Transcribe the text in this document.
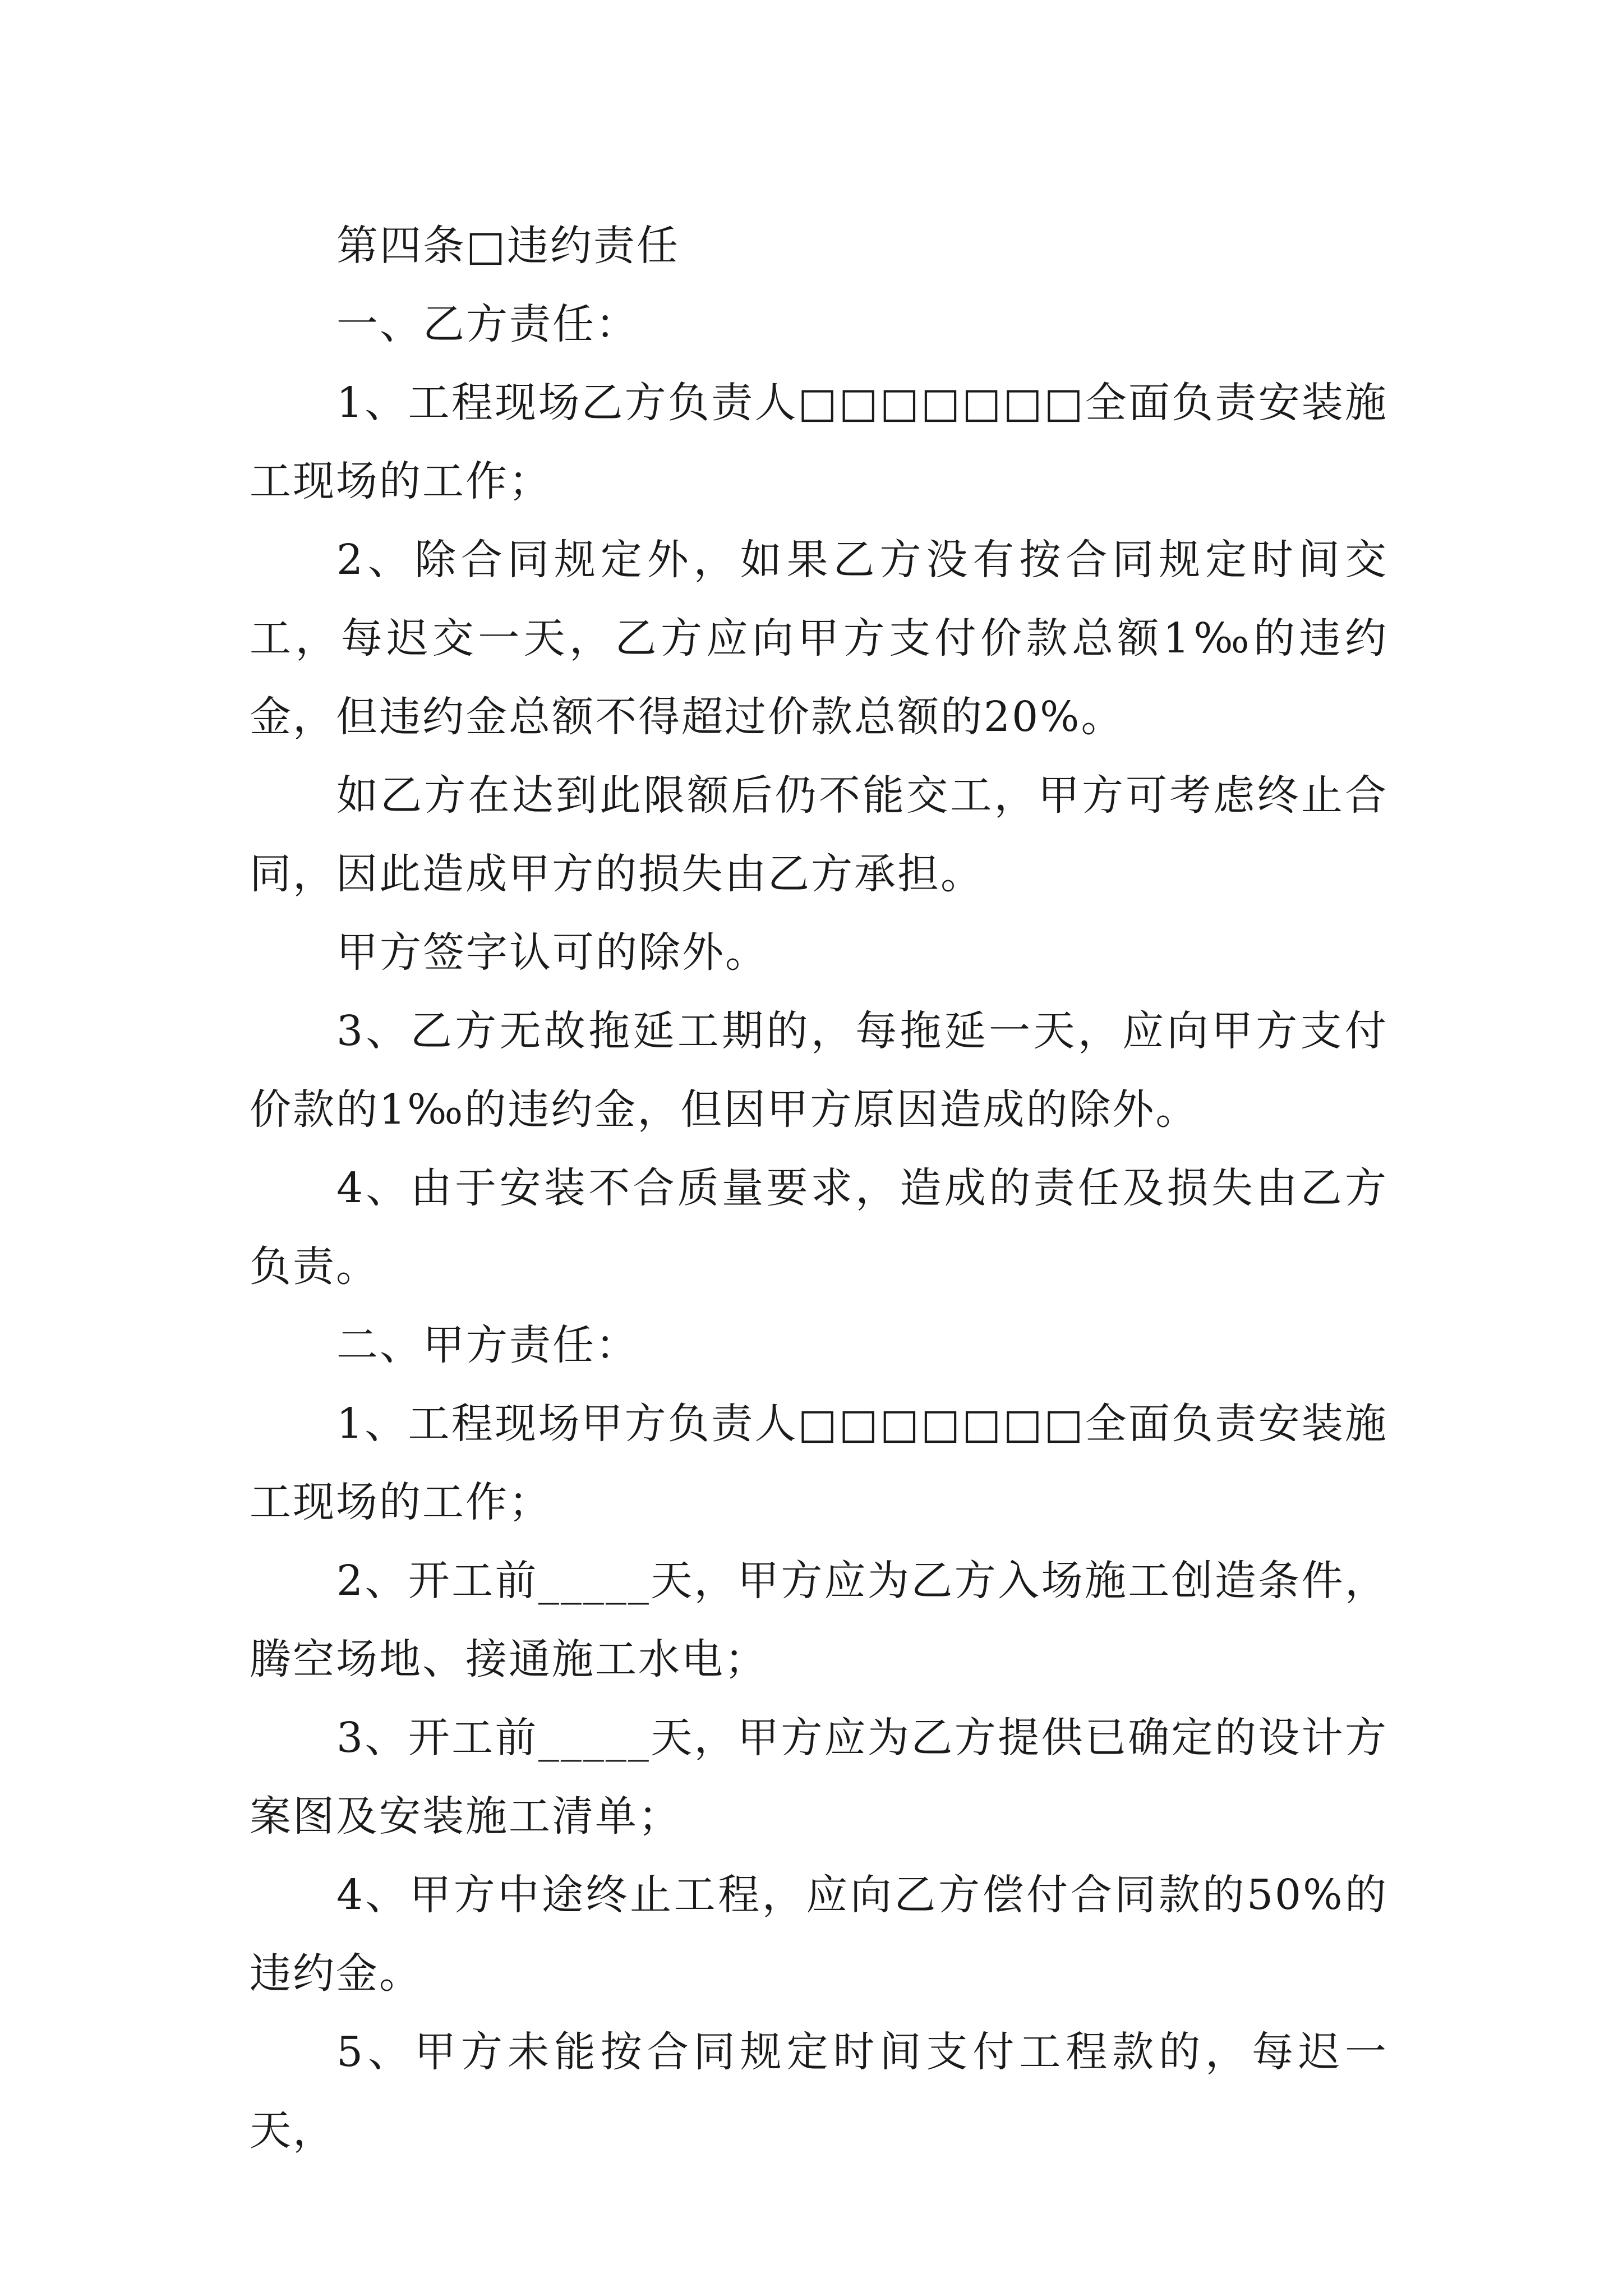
第四条□违约责任

一、乙方责任：

1、工程现场乙方负责人□□□□□□□全面负责安装施工现场的工作；

2、除合同规定外，如果乙方没有按合同规定时间交工，每迟交一天，乙方应向甲方支付价款总额1‰的违约金，但违约金总额不得超过价款总额的20%。

如乙方在达到此限额后仍不能交工，甲方可考虑终止合同，因此造成甲方的损失由乙方承担。

甲方签字认可的除外。

3、乙方无故拖延工期的，每拖延一天，应向甲方支付价款的1‰的违约金，但因甲方原因造成的除外。

4、由于安装不合质量要求，造成的责任及损失由乙方负责。

二、甲方责任：

1、工程现场甲方负责人□□□□□□□全面负责安装施工现场的工作；

2、开工前_____天，甲方应为乙方入场施工创造条件，腾空场地、接通施工水电；

3、开工前_____天，甲方应为乙方提供已确定的设计方案图及安装施工清单；

4、甲方中途终止工程，应向乙方偿付合同款的50%的违约金。

5、甲方未能按合同规定时间支付工程款的，每迟一天，
